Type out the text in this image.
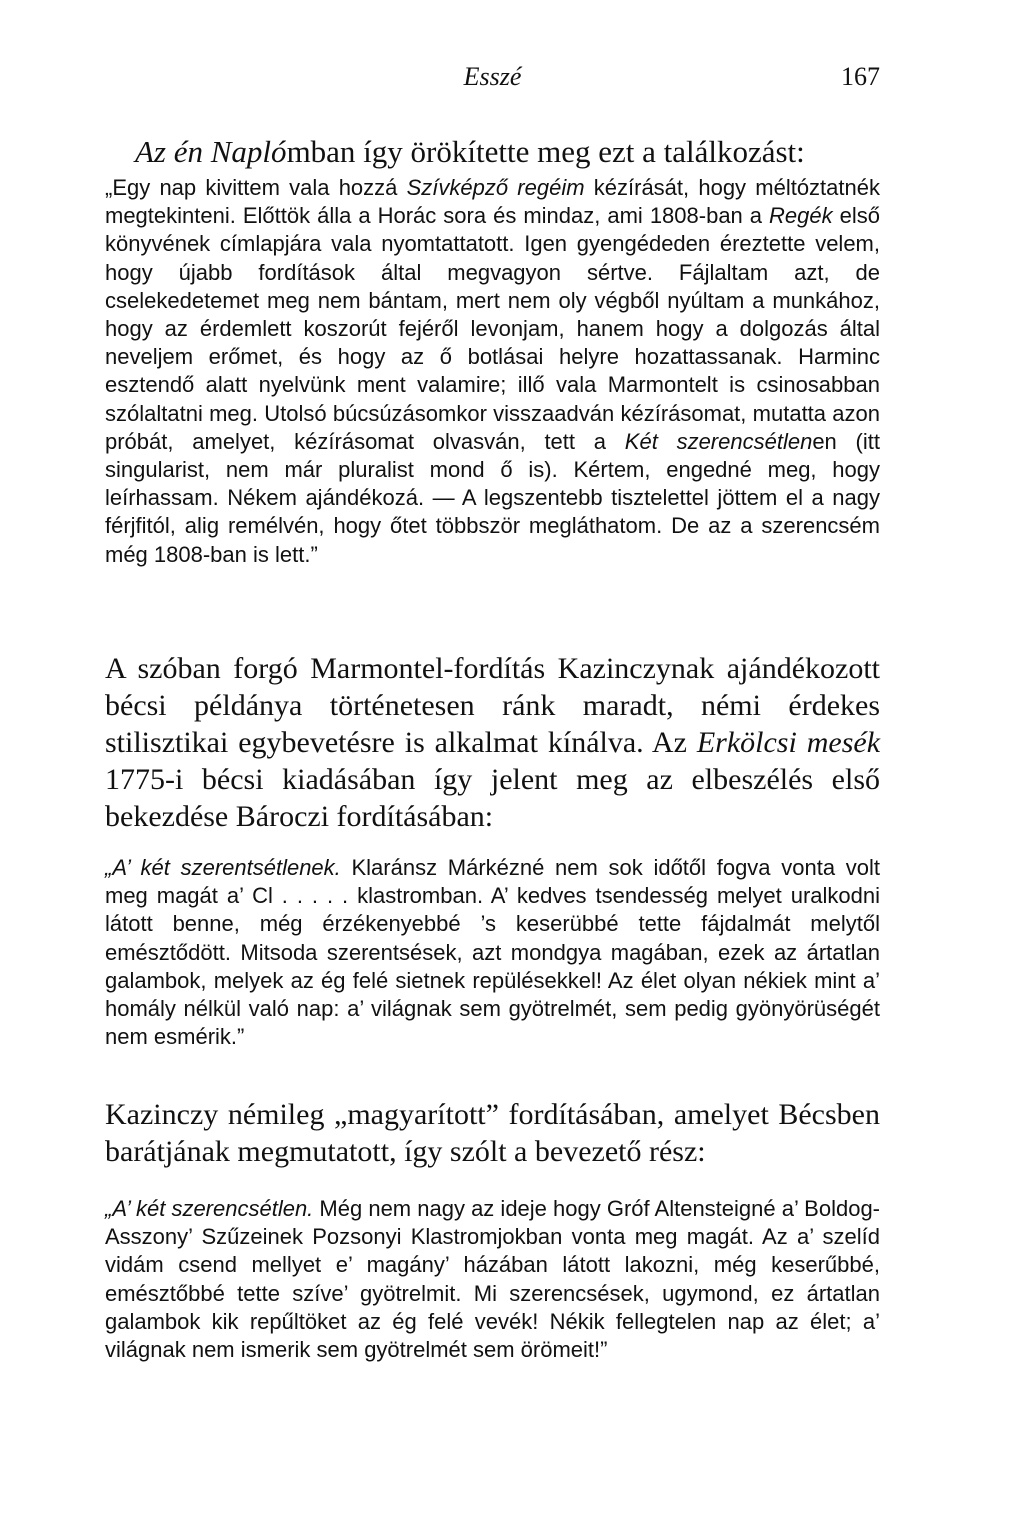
Esszé	167

Az én Naplómban így örökítette meg ezt a találkozást:

„Egy nap kivittem vala hozzá Szívképző regéim kézírását, hogy méltóztatnék megtekinteni. Előttök álla a Horác sora és mindaz, ami 1808-ban a Regék első könyvének címlapjára vala nyomtattatott. Igen gyengédeden éreztette velem, hogy újabb fordítások által megvagyon sértve. Fájlaltam azt, de cselekedetemet meg nem bántam, mert nem oly végből nyúltam a munkához, hogy az érdemlett koszorút fejéről levonjam, hanem hogy a dolgozás által neveljem erőmet, és hogy az ő botlásai helyre hozattassanak. Harminc esztendő alatt nyelvünk ment valamire; illő vala Marmontelt is csinosabban szólaltatni meg. Utolsó búcsúzásomkor visszaadván kézírásomat, mutatta azon próbát, amelyet, kézírásomat olvasván, tett a Két szerencsétlenen (itt singularist, nem már pluralist mond ő is). Kértem, engedné meg, hogy leírhassam. Nékem ajándékozá. — A legszentebb tisztelettel jöttem el a nagy férjfitól, alig remélvén, hogy őtet többször megláthatom. De az a szerencsém még 1808-ban is lett.”

A szóban forgó Marmontel-fordítás Kazinczynak ajándékozott bécsi példánya történetesen ránk maradt, némi érdekes stilisztikai egybevetésre is alkalmat kínálva. Az Erkölcsi mesék 1775-i bécsi kiadásában így jelent meg az elbeszélés első bekezdése Bároczi fordításában:

„A’ két szerentsétlenek. Klaránsz Márkézné nem sok időtől fogva vonta volt meg magát a’ Cl . . . . . klastromban. A’ kedves tsendesség melyet uralkodni látott benne, még érzékenyebbé ’s keserübbé tette fájdalmát melytől emésztődött. Mitsoda szerentsések, azt mondgya magában, ezek az ártatlan galambok, melyek az ég felé sietnek repülésekkel! Az élet olyan nékiek mint a’ homály nélkül való nap: a’ világnak sem gyötrelmét, sem pedig gyönyörüségét nem esmérik.”

Kazinczy némileg „magyarított” fordításában, amelyet Bécsben barátjának megmutatott, így szólt a bevezető rész:

„A’ két szerencsétlen. Még nem nagy az ideje hogy Gróf Altensteigné a’ Boldog-Asszony’ Szűzeinek Pozsonyi Klastromjokban vonta meg magát. Az a’ szelíd vidám csend mellyet e’ magány’ házában látott lakozni, még keserűbbé, emésztőbbé tette szíve’ gyötrelmit. Mi szerencsések, ugymond, ez ártatlan galambok kik repűltöket az ég felé vevék! Nékik fellegtelen nap az élet; a’ világnak nem ismerik sem gyötrelmét sem örömeit!”
